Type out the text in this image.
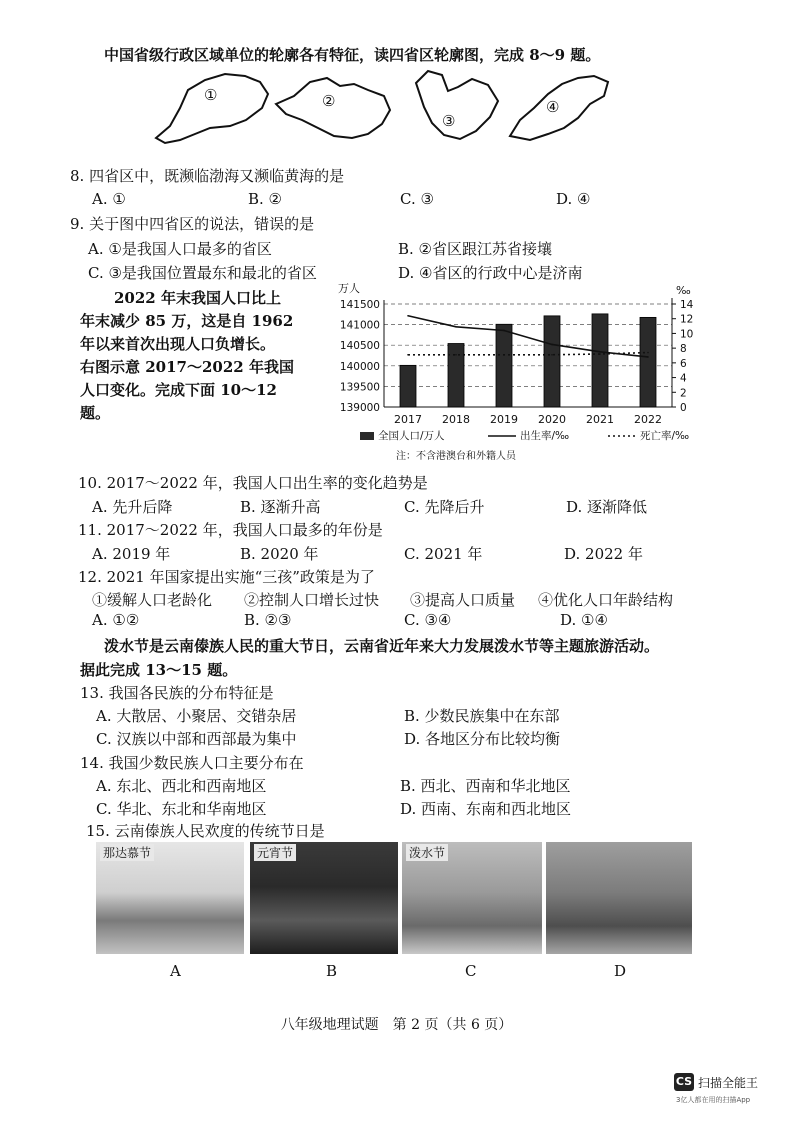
中国省级行政区域单位的轮廓各有特征，读四省区轮廓图，完成 8～9 题。
①	②
③
④
8. 四省区中，既濒临渤海又濒临黄海的是
A. ①	B. ②	C. ③	D. ④
9. 关于图中四省区的说法，错误的是
A. ①是我国人口最多的省区	B. ②省区跟江苏省接壤
C. ③是我国位置最东和最北的省区	D. ④省区的行政中心是济南
2022 年末我国人口比上
年末减少 85 万，这是自 1962
年以来首次出现人口负增长。
右图示意 2017～2022 年我国
人口变化。完成下面 10～12
题。
万人	‰
141500
141000
140500
140000
139500
139000
14
12
10
8
6
4
2
0
2017 2018 2019 2020 2021 2022
全国人口/万人	出生率/‰	死亡率/‰
注：不含港澳台和外籍人员
10. 2017～2022 年，我国人口出生率的变化趋势是
A. 先升后降	B. 逐渐升高	C. 先降后升	D. 逐渐降低
11. 2017～2022 年，我国人口最多的年份是
A. 2019 年	B. 2020 年	C. 2021 年	D. 2022 年
12. 2021 年国家提出实施“三孩”政策是为了
①缓解人口老龄化 ②控制人口增长过快 ③提高人口质量 ④优化人口年龄结构
A. ①②	B. ②③	C. ③④	D. ①④
泼水节是云南傣族人民的重大节日，云南省近年来大力发展泼水节等主题旅游活动。
据此完成 13～15 题。
13. 我国各民族的分布特征是
A. 大散居、小聚居、交错杂居	B. 少数民族集中在东部
C. 汉族以中部和西部最为集中	D. 各地区分布比较均衡
14. 我国少数民族人口主要分布在
A. 东北、西北和西南地区	B. 西北、西南和华北地区
C. 华北、东北和华南地区	D. 西南、东南和西北地区
15. 云南傣族人民欢度的传统节日是
那达慕节	元宵节	泼水节
A	B	C	D
八年级地理试题　第 2 页（共 6 页）
CS 扫描全能王
3亿人都在用的扫描App
